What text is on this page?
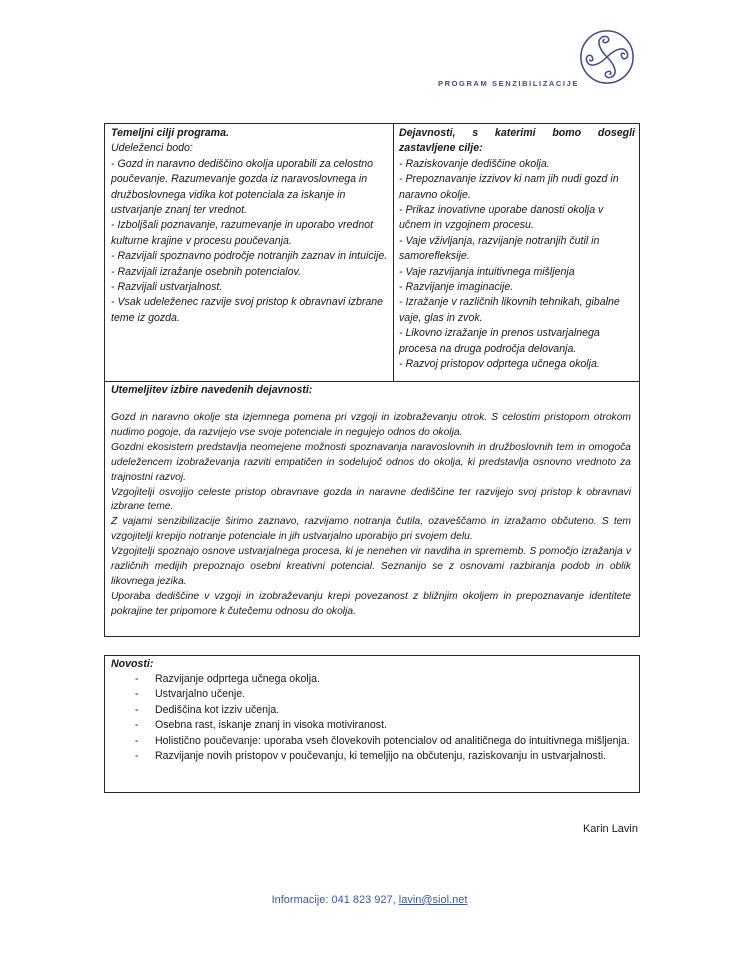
PROGRAM SENZIBILIZACIJE

Temeljni cilji programa.

Udeleženci bodo:

- Gozd in naravno dediščino okolja uporabili za celostno poučevanje. Razumevanje gozda iz naravoslovnega in družboslovnega vidika kot potenciala za iskanje in ustvarjanje znanj ter vrednot.

- Izboljšali poznavanje, razumevanje in uporabo vrednot kulturne krajine v procesu poučevanja.

- Razvijali spoznavno področje notranjih zaznav in intuicije.

- Razvijali izražanje osebnih potencialov.

- Razvijali ustvarjalnost.

- Vsak udeleženec razvije svoj pristop k obravnavi izbrane teme iz gozda.

Dejavnosti, s katerimi bomo dosegli

zastavljene cilje:

- Raziskovanje dediščine okolja.

- Prepoznavanje izzivov ki nam jih nudi gozd in naravno okolje.

- Prikaz inovativne uporabe danosti okolja v učnem in vzgojnem procesu.

- Vaje vživljanja, razvijanje notranjih čutil in samorefleksije.

- Vaje razvijanja intuitivnega mišljenja

- Razvijanje imaginacije.

- Izražanje v različnih likovnih tehnikah, gibalne vaje, glas in zvok.

- Likovno izražanje in prenos ustvarjalnega procesa na druga področja delovanja.

- Razvoj pristopov odprtega učnega okolja.

Utemeljitev izbire navedenih dejavnosti:

Gozd in naravno okolje sta izjemnega pomena pri vzgoji in izobraževanju otrok. S celostim pristopom otrokom nudimo pogoje, da razvijejo vse svoje potenciale in negujejo odnos do okolja.

Gozdni ekosistem predstavlja neomejene možnosti spoznavanja naravoslovnih in družboslovnih tem in omogoča udeležencem izobraževanja razviti empatičen in sodelujoč odnos do okolja, ki predstavlja osnovno vrednoto za trajnostni razvoj.

Vzgojitelji osvojijo celeste pristop obravnave gozda in naravne dediščine ter razvijejo svoj pristop k obravnavi izbrane teme.

Z vajami senzibilizacije širimo zaznavo, razvijamo notranja čutila, ozaveščamo in izražamo občuteno. S tem vzgojitelji krepijo notranje potenciale in jih ustvarjalno uporabijo pri svojem delu.

Vzgojitelji spoznajo osnove ustvarjalnega procesa, ki je nenehen vir navdiha in sprememb. S pomočjo izražanja v različnih medijih prepoznajo osebni kreativni potencial. Seznanijo se z osnovami razbiranja podob in oblik likovnega jezika.

Uporaba dediščine v vzgoji in izobraževanju krepi povezanost z bližnjim okoljem in prepoznavanje identitete pokrajine ter pripomore k čutečemu odnosu do okolja.

Novosti:
- Razvijanje odprtega učnega okolja.
- Ustvarjalno učenje.
- Dediščina kot izziv učenja.
- Osebna rast, iskanje znanj in visoka motiviranost.
- Holistično poučevanje: uporaba vseh človekovih potencialov od analitičnega do intuitivnega mišljenja.
- Razvijanje novih pristopov v poučevanju, ki temeljijo na občutenju, raziskovanju in ustvarjalnosti.
Karin Lavin
Informacije: 041 823 927, lavin@siol.net
